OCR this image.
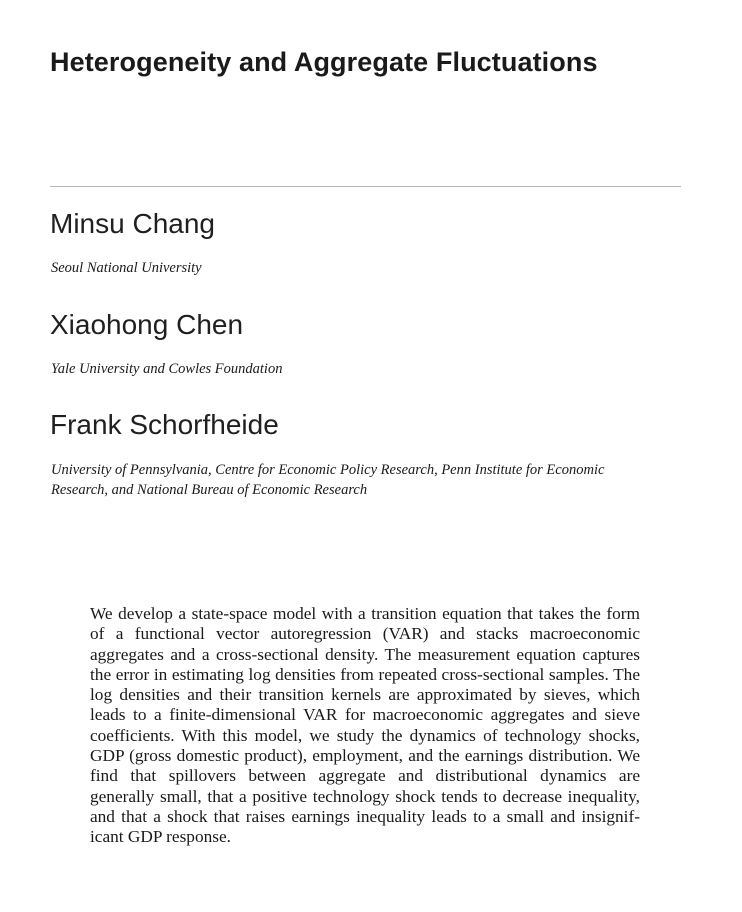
Heterogeneity and Aggregate Fluctuations
Minsu Chang

Seoul National University

Xiaohong Chen

Yale University and Cowles Foundation

Frank Schorfheide

University of Pennsylvania, Centre for Economic Policy Research, Penn Institute for Economic Research, and National Bureau of Economic Research

We develop a state-space model with a transition equation that takes the form of a functional vector autoregression (VAR) and stacks macroeconomic aggregates and a cross-sectional density. The measurement equation captures the error in estimating log densities from repeated cross-sectional samples. The log densities and their transition kernels are approximated by sieves, which leads to a finite-dimensional VAR for macroeconomic aggregates and sieve coefficients. With this model, we study the dynamics of technology shocks, GDP (gross domestic product), employment, and the earnings distribution. We find that spillovers between aggregate and distributional dynamics are generally small, that a positive technology shock tends to decrease inequality, and that a shock that raises earnings inequality leads to a small and insignificant GDP response.
